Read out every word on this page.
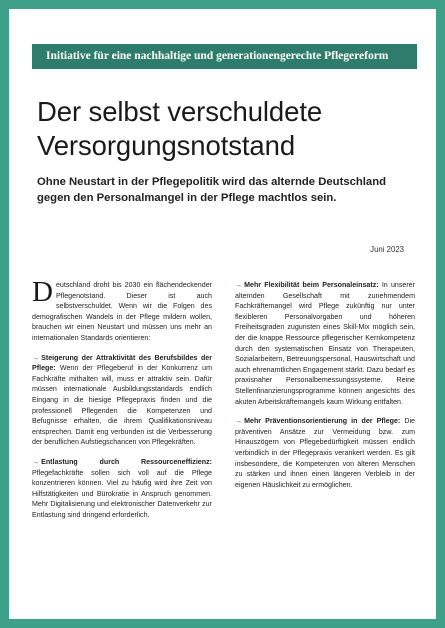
Initiative für eine nachhaltige und generationengerechte Pflegereform
Der selbst verschuldete Versorgungsnotstand
Ohne Neustart in der Pflegepolitik wird das alternde Deutschland gegen den Personalmangel in der Pflege machtlos sein.
Juni 2023

Deutschland droht bis 2030 ein flächendeckender Pflegenotstand. Dieser ist auch selbstverschuldet. Wenn wir die Folgen des demografischen Wandels in der Pflege mildern wollen, brauchen wir einen Neustart und müssen uns mehr an internationalen Standards orientieren:

→ Steigerung der Attraktivität des Berufsbildes der Pflege: Wenn der Pflegeberuf in der Konkurrenz um Fachkräfte mithalten will, muss er attraktiv sein. Dafür müssen internationale Ausbildungsstandards endlich Eingang in die hiesige Pflegepraxis finden und die professionell Pflegenden die Kompetenzen und Befugnisse erhalten, die ihrem Qualifikationsniveau entsprechen. Damit eng verbunden ist die Verbesserung der beruflichen Aufstiegschancen von Pflegekräften.

→ Entlastung durch Ressourceneffizienz: Pflegefachkräfte sollen sich voll auf die Pflege konzentrieren können. Viel zu häufig wird ihre Zeit von Hilfstätigkeiten und Bürokratie in Anspruch genommen. Mehr Digitalisierung und elektronischer Datenverkehr zur Entlastung sind dringend erforderlich.

→ Mehr Flexibilität beim Personaleinsatz: In unserer alternden Gesellschaft mit zunehmendem Fachkräftemangel wird Pflege zukünftig nur unter flexibleren Personalvorgaben und höheren Freiheitsgraden zugunsten eines Skill-Mix möglich sein, der die knappe Ressource pflegerischer Kernkompetenz durch den systematischen Einsatz von Therapeuten, Sozialarbeitern, Betreuungspersonal, Hauswirtschaft und auch ehrenamtlichen Engagement stärkt. Dazu bedarf es praxisnaher Personalbemessungssysteme. Reine Stellenfinanzierungsprogramme können angesichts des akuten Arbeitskräftemangels kaum Wirkung entfalten.

→ Mehr Präventionsorientierung in der Pflege: Die präventiven Ansätze zur Vermeidung bzw. zum Hinauszögern von Pflegebedürftigkeit müssen endlich verbindlich in der Pflegepraxis verankert werden. Es gilt insbesondere, die Kompetenzen von älteren Menschen zu stärken und ihnen einen längeren Verbleib in der eigenen Häuslichkeit zu ermöglichen.
